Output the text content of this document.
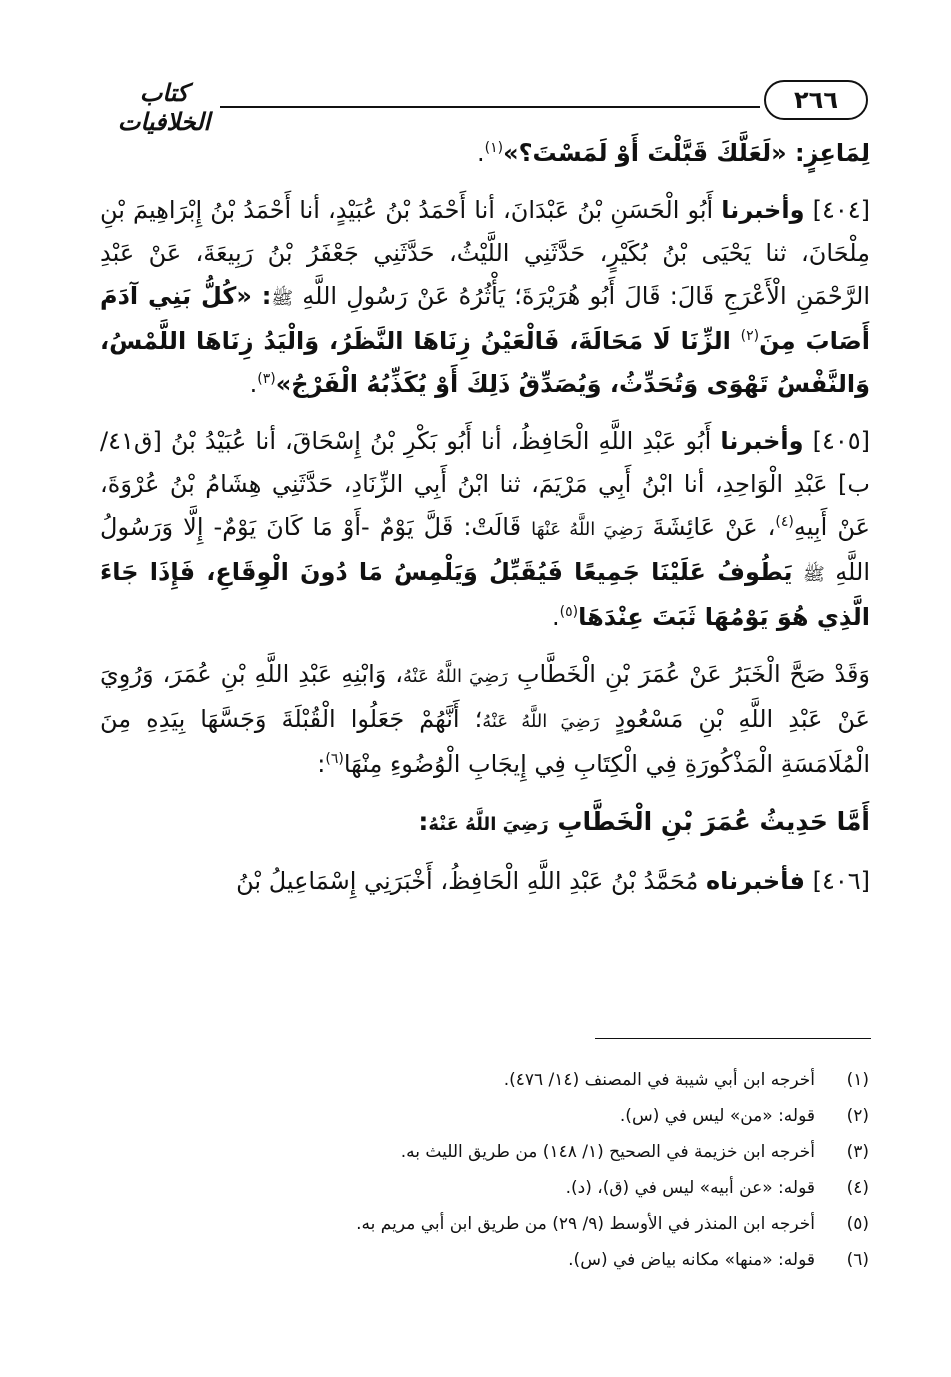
٢٦٦
كتاب الخلافيات

لِمَاعِزٍ: «لَعَلَّكَ قَبَّلْتَ أَوْ لَمَسْتَ؟»$^{(١)}$.

[٤٠٤] وأخبرنا أَبُو الْحَسَنِ بْنُ عَبْدَانَ، أنا أَحْمَدُ بْنُ عُبَيْدٍ، أنا أَحْمَدُ بْنُ إِبْرَاهِيمَ بْنِ مِلْحَانَ، ثنا يَحْيَى بْنُ بُكَيْرٍ، حَدَّثَنِي اللَّيْثُ، حَدَّثَنِي جَعْفَرُ بْنُ رَبِيعَةَ، عَنْ عَبْدِ الرَّحْمَنِ الْأَعْرَجِ قَالَ: قَالَ أَبُو هُرَيْرَةَ؛ يَأْثُرُهُ عَنْ رَسُولِ اللَّهِ ﷺ: «كُلُّ بَنِي آدَمَ أَصَابَ مِنَ$^{(٢)}$ الزِّنَا لَا مَحَالَةَ، فَالْعَيْنُ زِنَاهَا النَّظَرُ، وَالْيَدُ زِنَاهَا اللَّمْسُ، وَالنَّفْسُ تَهْوَى وَتُحَدِّثُ، وَيُصَدِّقُ ذَلِكَ أَوْ يُكَذِّبُهُ الْفَرْجُ»$^{(٣)}$.

[٤٠٥] وأخبرنا أَبُو عَبْدِ اللَّهِ الْحَافِظُ، أنا أَبُو بَكْرِ بْنُ إِسْحَاقَ، أنا عُبَيْدُ بْنُ [ق٤١/ب] عَبْدِ الْوَاحِدِ، أنا ابْنُ أَبِي مَرْيَمَ، ثنا ابْنُ أَبِي الزِّنَادِ، حَدَّثَنِي هِشَامُ بْنُ عُرْوَةَ، عَنْ أَبِيهِ$^{(٤)}$، عَنْ عَائِشَةَ رَضِيَ اللَّهُ عَنْهَا قَالَتْ: قَلَّ يَوْمٌ -أَوْ مَا كَانَ يَوْمٌ- إِلَّا وَرَسُولُ اللَّهِ ﷺ يَطُوفُ عَلَيْنَا جَمِيعًا فَيُقَبِّلُ وَيَلْمِسُ مَا دُونَ الْوِقَاعِ، فَإِذَا جَاءَ الَّذِي هُوَ يَوْمُهَا ثَبَتَ عِنْدَهَا$^{(٥)}$.

وَقَدْ صَحَّ الْخَبَرُ عَنْ عُمَرَ بْنِ الْخَطَّابِ رَضِيَ اللَّهُ عَنْهُ، وَابْنِهِ عَبْدِ اللَّهِ بْنِ عُمَرَ، وَرُوِيَ عَنْ عَبْدِ اللَّهِ بْنِ مَسْعُودٍ رَضِيَ اللَّهُ عَنْهُ؛ أَنَّهُمْ جَعَلُوا الْقُبْلَةَ وَجَسَّهَا بِيَدِهِ مِنَ الْمُلَامَسَةِ الْمَذْكُورَةِ فِي الْكِتَابِ فِي إِيجَابِ الْوُضُوءِ مِنْهَا$^{(٦)}$:

أَمَّا حَدِيثُ عُمَرَ بْنِ الْخَطَّابِ رَضِيَ اللَّهُ عَنْهُ:

[٤٠٦] فأخبرناه مُحَمَّدُ بْنُ عَبْدِ اللَّهِ الْحَافِظُ، أَخْبَرَنِي إِسْمَاعِيلُ بْنُ

(١)
أخرجه ابن أبي شيبة في المصنف (١٤/ ٤٧٦).
(٢)
قوله: «من» ليس في (س).
(٣)
أخرجه ابن خزيمة في الصحيح (١/ ١٤٨) من طريق الليث به.
(٤)
قوله: «عن أبيه» ليس في (ق)، (د).
(٥)
أخرجه ابن المنذر في الأوسط (٩/ ٢٩) من طريق ابن أبي مريم به.
(٦)
قوله: «منها» مكانه بياض في (س).
